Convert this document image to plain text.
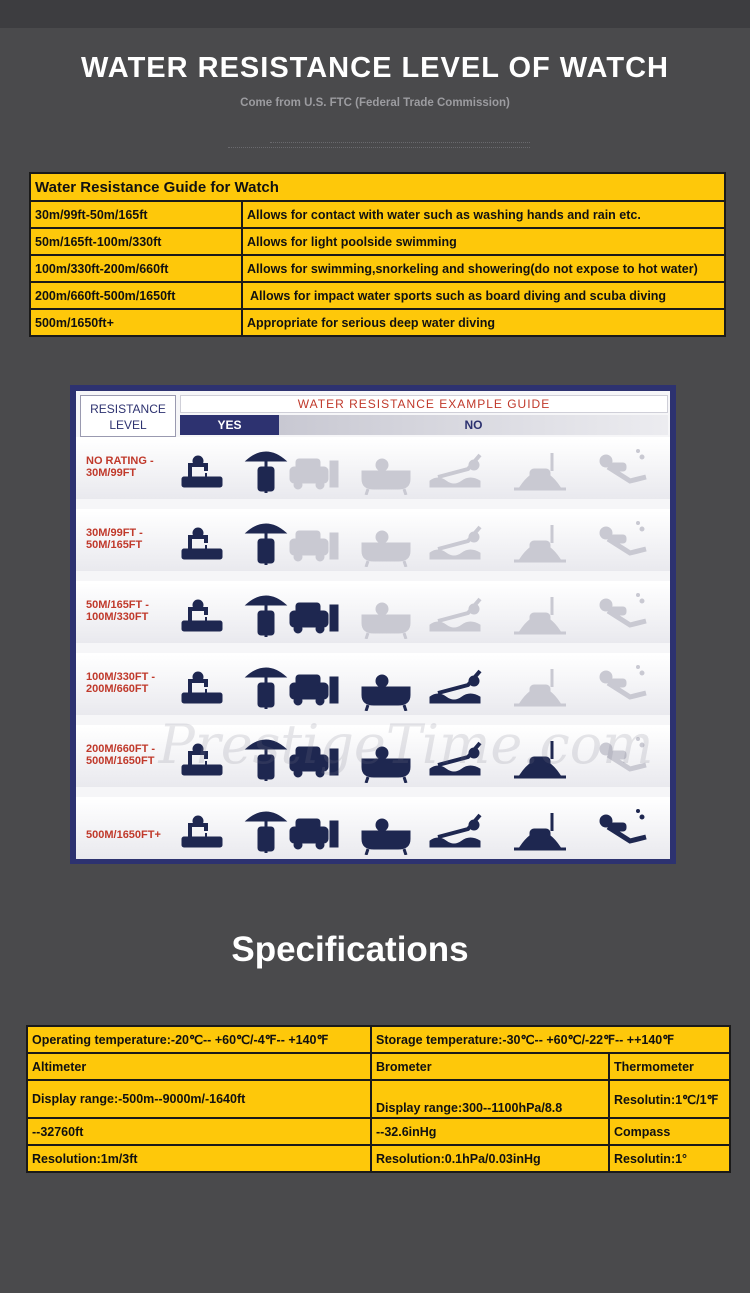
WATER RESISTANCE LEVEL OF WATCH
Come from U.S. FTC (Federal Trade Commission)
Water Resistance Guide for Watch	
30m/99ft-50m/165ft	Allows for contact with water such as washing hands and rain etc.
50m/165ft-100m/330ft	Allows for light poolside swimming
100m/330ft-200m/660ft	Allows for swimming,snorkeling and showering(do not expose to hot water)
200m/660ft-500m/1650ft	Allows for impact water sports such as board diving and scuba diving
500m/1650ft+	Appropriate for serious deep water diving
RESISTANCE
LEVEL
WATER RESISTANCE EXAMPLE GUIDE
YES	NO
NO RATING -
30M/99FT
30M/99FT -
50M/165FT
50M/165FT -
100M/330FT
100M/330FT -
200M/660FT
200M/660FT -
500M/1650FT
500M/1650FT+
Specifications
Operating temperature:-20℃-- +60℃/-4℉-- +140℉	Storage temperature:-30℃-- +60℃/-22℉-- ++140℉	
Altimeter	Brometer	Thermometer
Display range:-500m--9000m/-1640ft	Display range:300--1100hPa/8.8	Resolutin:1℃/1℉
--32760ft	--32.6inHg	Compass
Resolution:1m/3ft	Resolution:0.1hPa/0.03inHg	Resolutin:1°
